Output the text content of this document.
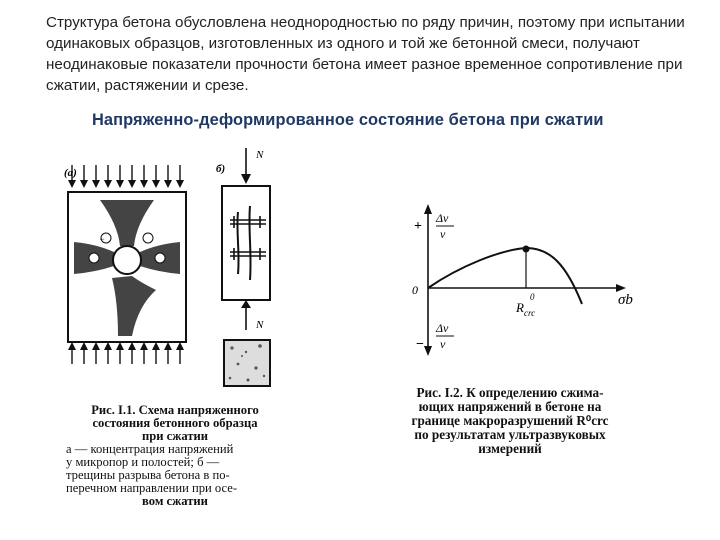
Структура бетона обусловлена неоднородностью по ряду причин, поэтому при испытании одинаковых образцов, изготовленных из одного и той же бетонной смеси, получают неодинаковые показатели прочности бетона имеет разное временное сопротивление при сжатии, растяжении и срезе.
Напряженно-деформированное состояние бетона при сжатии
(а)
−
б)
N
N
Рис. I.1. Схема напряженного
состояния бетонного образца
при сжатии
а — концентрация напряжений
у микропор и полостей; б —
трещины разрыва бетона в по-
перечном направлении при осе-
вом сжатии
+
Δv
v
−
Δv
v
0
σb
$R_{crc}$
0
Рис. I.2. К определению сжима-
ющих напряжений в бетоне на
границе макроразрушений R⁰crc
по результатам ультразвуковых
измерений
